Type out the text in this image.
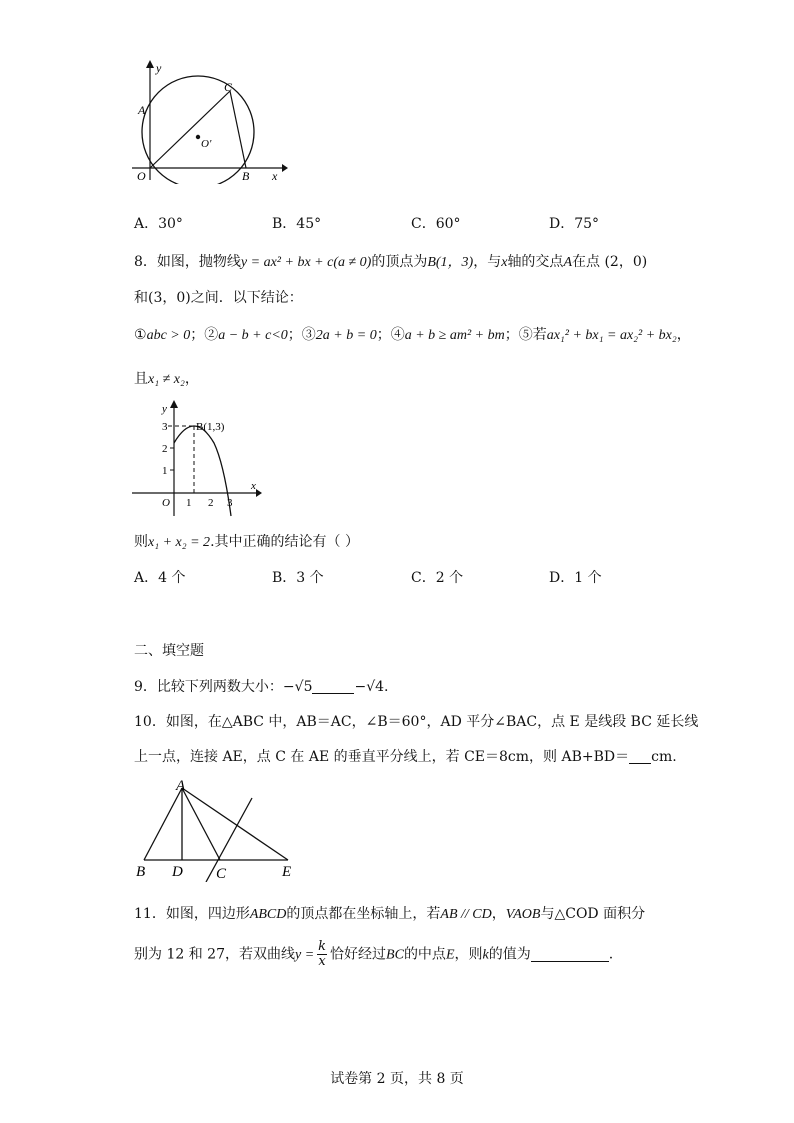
y
x
A
C
O	B
O'
A．30°	B．45°	C．60°	D．75°
8．如图，抛物线y = ax² + bx + c(a ≠ 0)的顶点为B(1，3)，与x轴的交点A在点 (2，0)
和(3，0)之间．以下结论：
①abc > 0；②a − b + c<0；③2a + b = 0；④a + b ≥ am² + bm；⑤若ax₁² + bx₁ = ax₂² + bx₂，
且x₁ ≠ x₂，
y
x
O
B(1,3)
1
2
3
1 2 3
则x₁ + x₂ = 2.其中正确的结论有（ ）
A．4 个	B．3 个	C．2 个	D．1 个
二、填空题
9．比较下列两数大小：−√5	−√4.
10．如图，在△ABC 中，AB＝AC，∠B＝60°，AD 平分∠BAC，点 E 是线段 BC 延长线
上一点，连接 AE，点 C 在 AE 的垂直平分线上，若 CE＝8cm，则 AB+BD＝ cm.
A
B D C	E
11．如图，四边形ABCD的顶点都在坐标轴上，若AB // CD，VAOB与△COD 面积分
别为 12 和 27，若双曲线$y = \frac{k}{x}$ 恰好经过BC的中点E，则k的值为	.
试卷第 2 页，共 8 页
